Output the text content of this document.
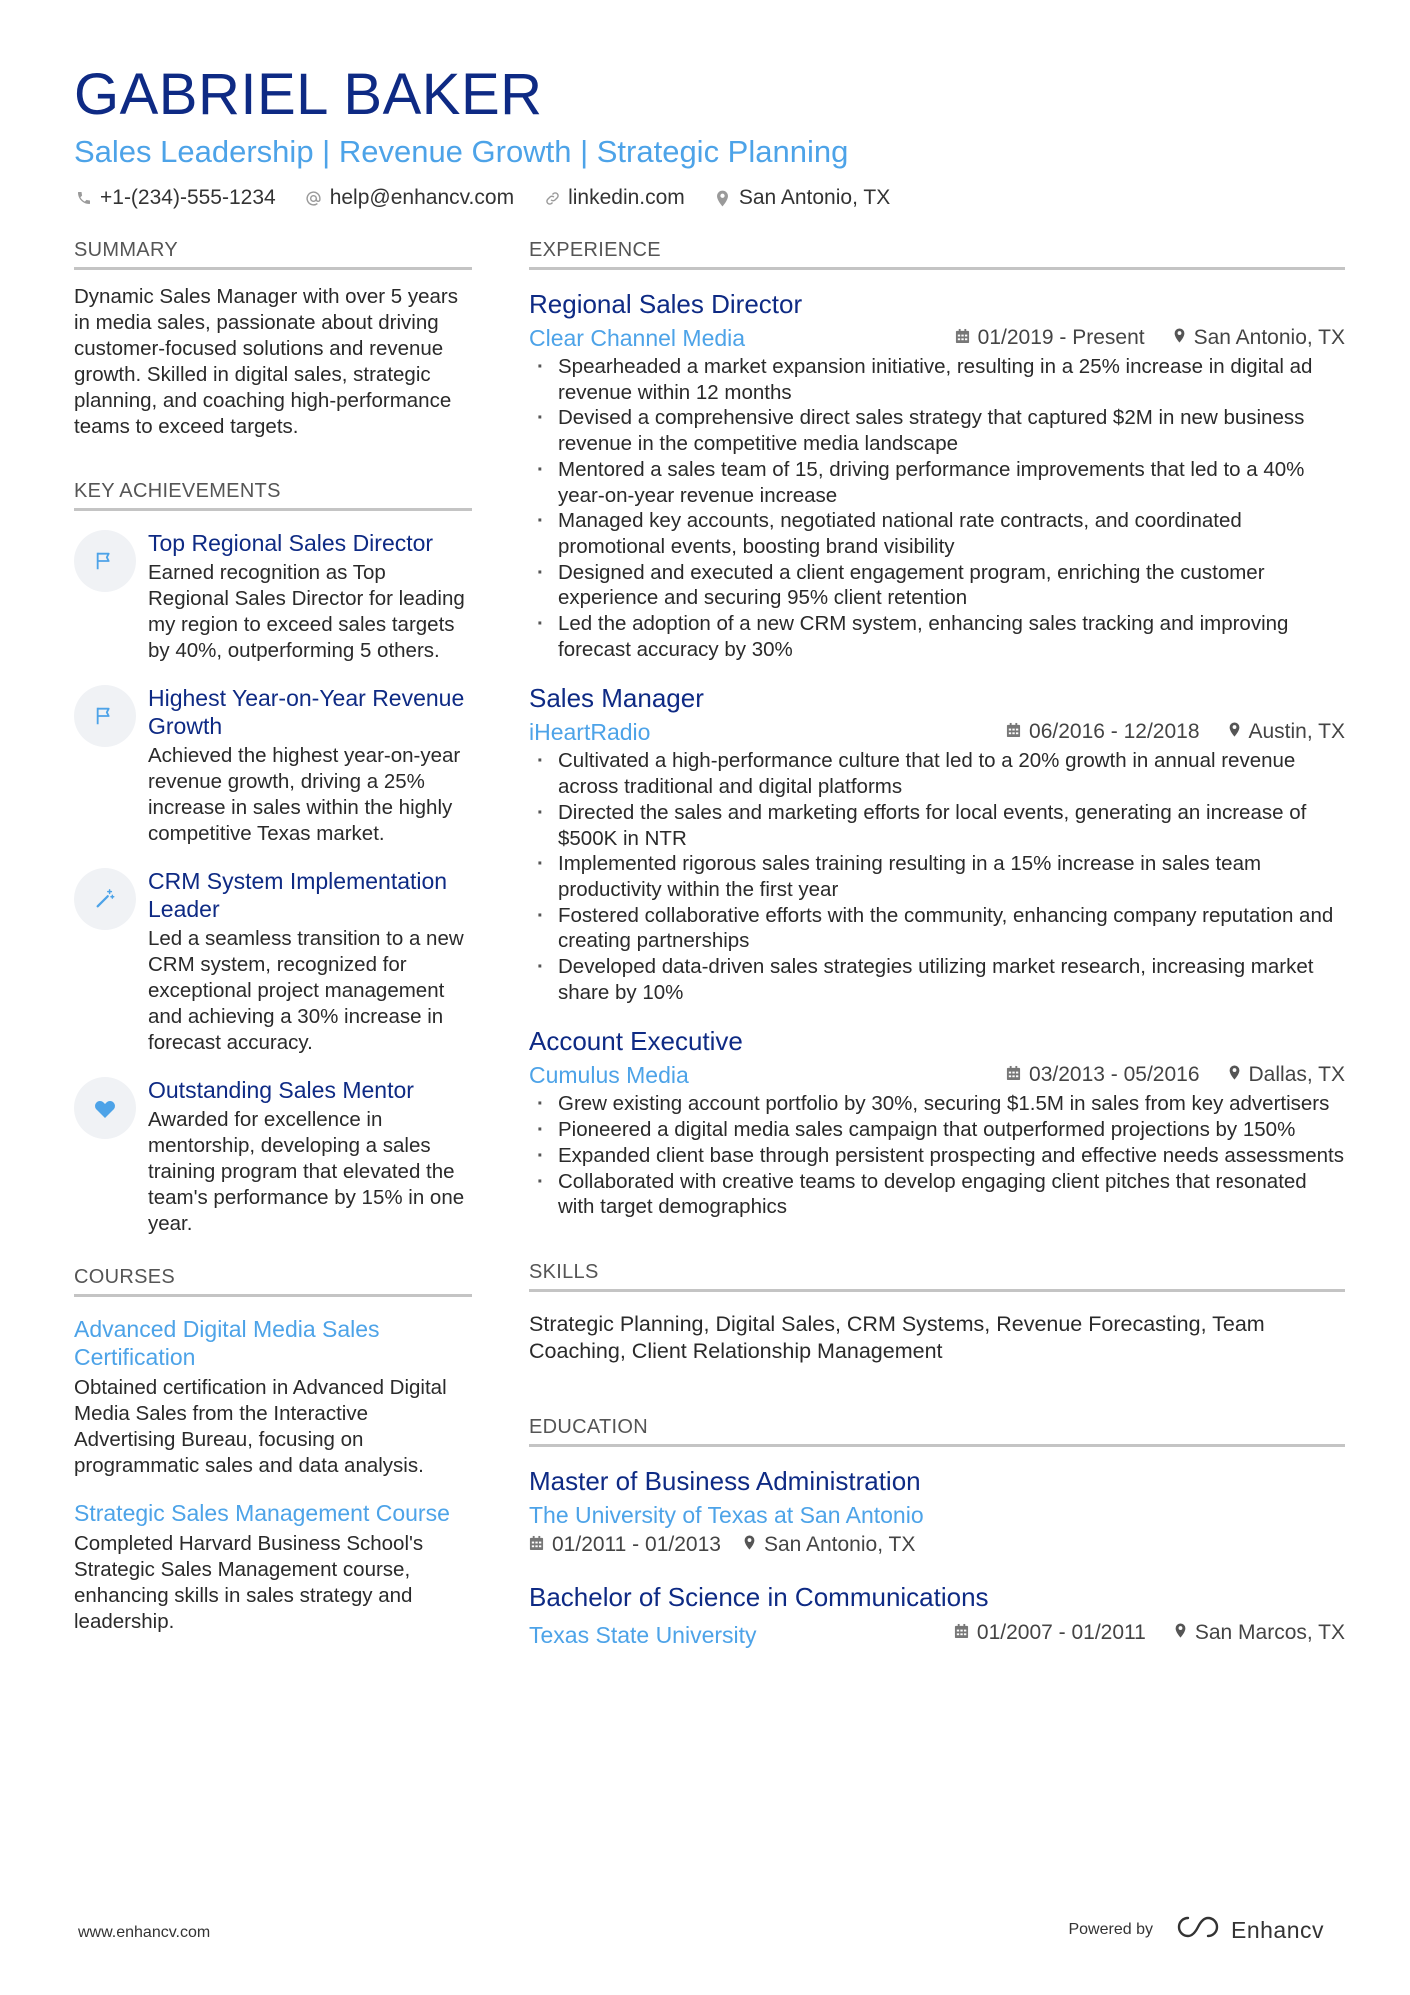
GABRIEL BAKER
Sales Leadership | Revenue Growth | Strategic Planning
+1-(234)-555-1234	help@enhancv.com	linkedin.com	San Antonio, TX
SUMMARY

Dynamic Sales Manager with over 5 years in media sales, passionate about driving customer-focused solutions and revenue growth. Skilled in digital sales, strategic planning, and coaching high-performance teams to exceed targets.

KEY ACHIEVEMENTS
Top Regional Sales Director
Earned recognition as Top Regional Sales Director for leading my region to exceed sales targets by 40%, outperforming 5 others.
Highest Year-on-Year Revenue Growth
Achieved the highest year-on-year revenue growth, driving a 25% increase in sales within the highly competitive Texas market.
CRM System Implementation Leader
Led a seamless transition to a new CRM system, recognized for exceptional project management and achieving a 30% increase in forecast accuracy.
Outstanding Sales Mentor
Awarded for excellence in mentorship, developing a sales training program that elevated the team's performance by 15% in one year.
COURSES
Advanced Digital Media Sales Certification
Obtained certification in Advanced Digital Media Sales from the Interactive Advertising Bureau, focusing on programmatic sales and data analysis.
Strategic Sales Management Course
Completed Harvard Business School's Strategic Sales Management course, enhancing skills in sales strategy and leadership.
EXPERIENCE
Regional Sales Director
Clear Channel Media	01/2019 - Present San Antonio, TX
· Spearheaded a market expansion initiative, resulting in a 25% increase in digital ad revenue within 12 months
· Devised a comprehensive direct sales strategy that captured $2M in new business revenue in the competitive media landscape
· Mentored a sales team of 15, driving performance improvements that led to a 40% year-on-year revenue increase
· Managed key accounts, negotiated national rate contracts, and coordinated promotional events, boosting brand visibility
· Designed and executed a client engagement program, enriching the customer experience and securing 95% client retention
· Led the adoption of a new CRM system, enhancing sales tracking and improving forecast accuracy by 30%
Sales Manager
iHeartRadio	06/2016 - 12/2018 Austin, TX
· Cultivated a high-performance culture that led to a 20% growth in annual revenue across traditional and digital platforms
· Directed the sales and marketing efforts for local events, generating an increase of $500K in NTR
· Implemented rigorous sales training resulting in a 15% increase in sales team productivity within the first year
· Fostered collaborative efforts with the community, enhancing company reputation and creating partnerships
· Developed data-driven sales strategies utilizing market research, increasing market share by 10%
Account Executive
Cumulus Media	03/2013 - 05/2016 Dallas, TX
· Grew existing account portfolio by 30%, securing $1.5M in sales from key advertisers
· Pioneered a digital media sales campaign that outperformed projections by 150%
· Expanded client base through persistent prospecting and effective needs assessments
· Collaborated with creative teams to develop engaging client pitches that resonated with target demographics
SKILLS

Strategic Planning, Digital Sales, CRM Systems, Revenue Forecasting, Team Coaching, Client Relationship Management

EDUCATION
Master of Business Administration
The University of Texas at San Antonio
01/2011 - 01/2013 San Antonio, TX
Bachelor of Science in Communications
Texas State University	01/2007 - 01/2011 San Marcos, TX
www.enhancv.com	Powered by	Enhancv
